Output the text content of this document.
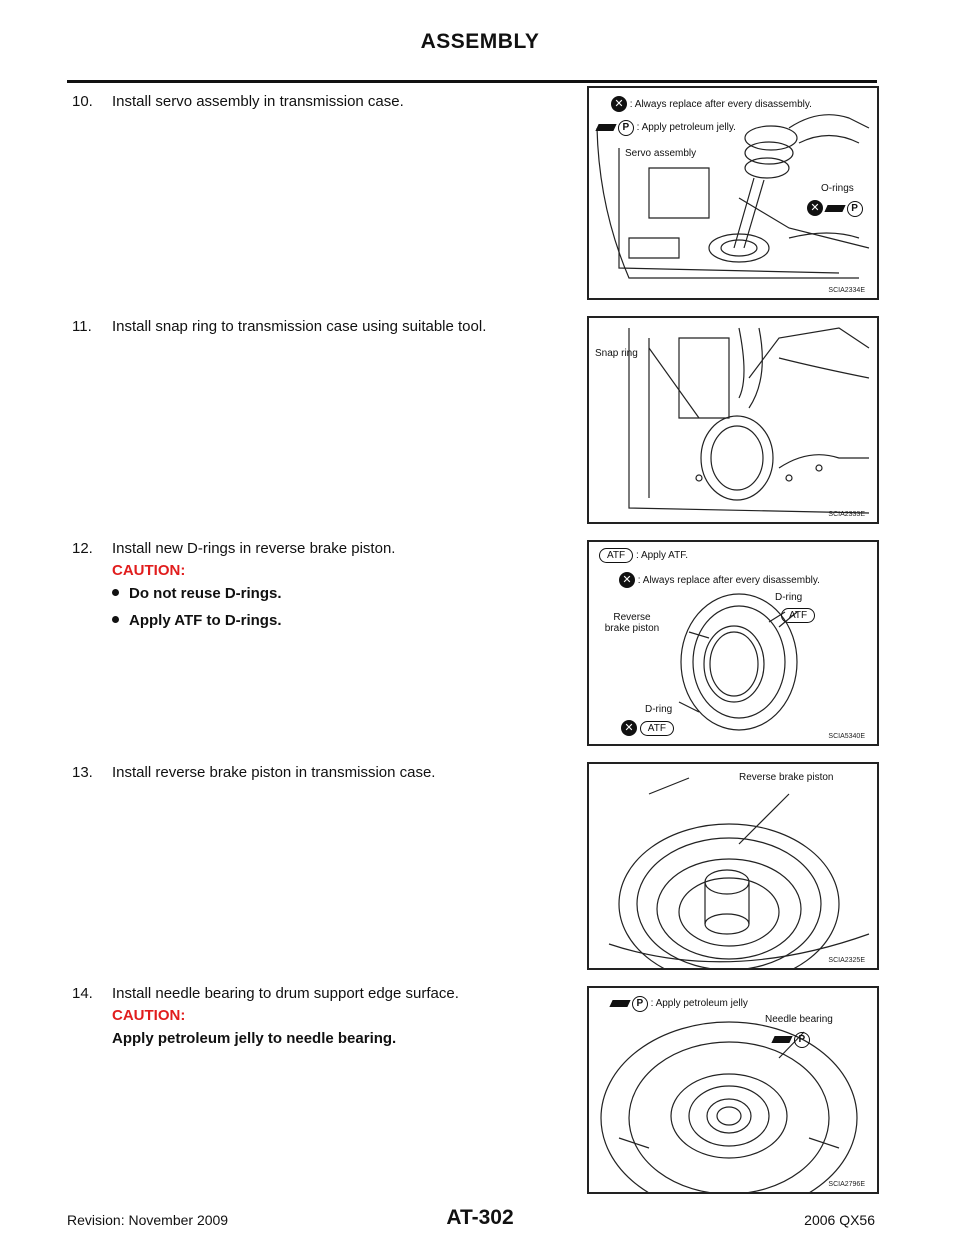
ASSEMBLY
10. Install servo assembly in transmission case.	✕ : Always replace after every disassembly.
P : Apply petroleum jelly.
Servo assembly
O-rings
✕	P
SCIA2334E
11. Install snap ring to transmission case using suitable tool.
Snap ring
SCIA2333E
12. Install new D-rings in reverse brake piston.
CAUTION:
Do not reuse D-rings.
Apply ATF to D-rings.
ATF : Apply ATF.
✕ : Always replace after every disassembly.
D-ring
ATF
Reverse brake piston
D-ring
✕ ATF
SCIA5340E
13. Install reverse brake piston in transmission case.	Reverse brake piston
SCIA2325E
14. Install needle bearing to drum support edge surface.
CAUTION:
Apply petroleum jelly to needle bearing.
P : Apply petroleum jelly
Needle bearing
P
SCIA2796E
Revision: November 2009	AT-302	2006 QX56
